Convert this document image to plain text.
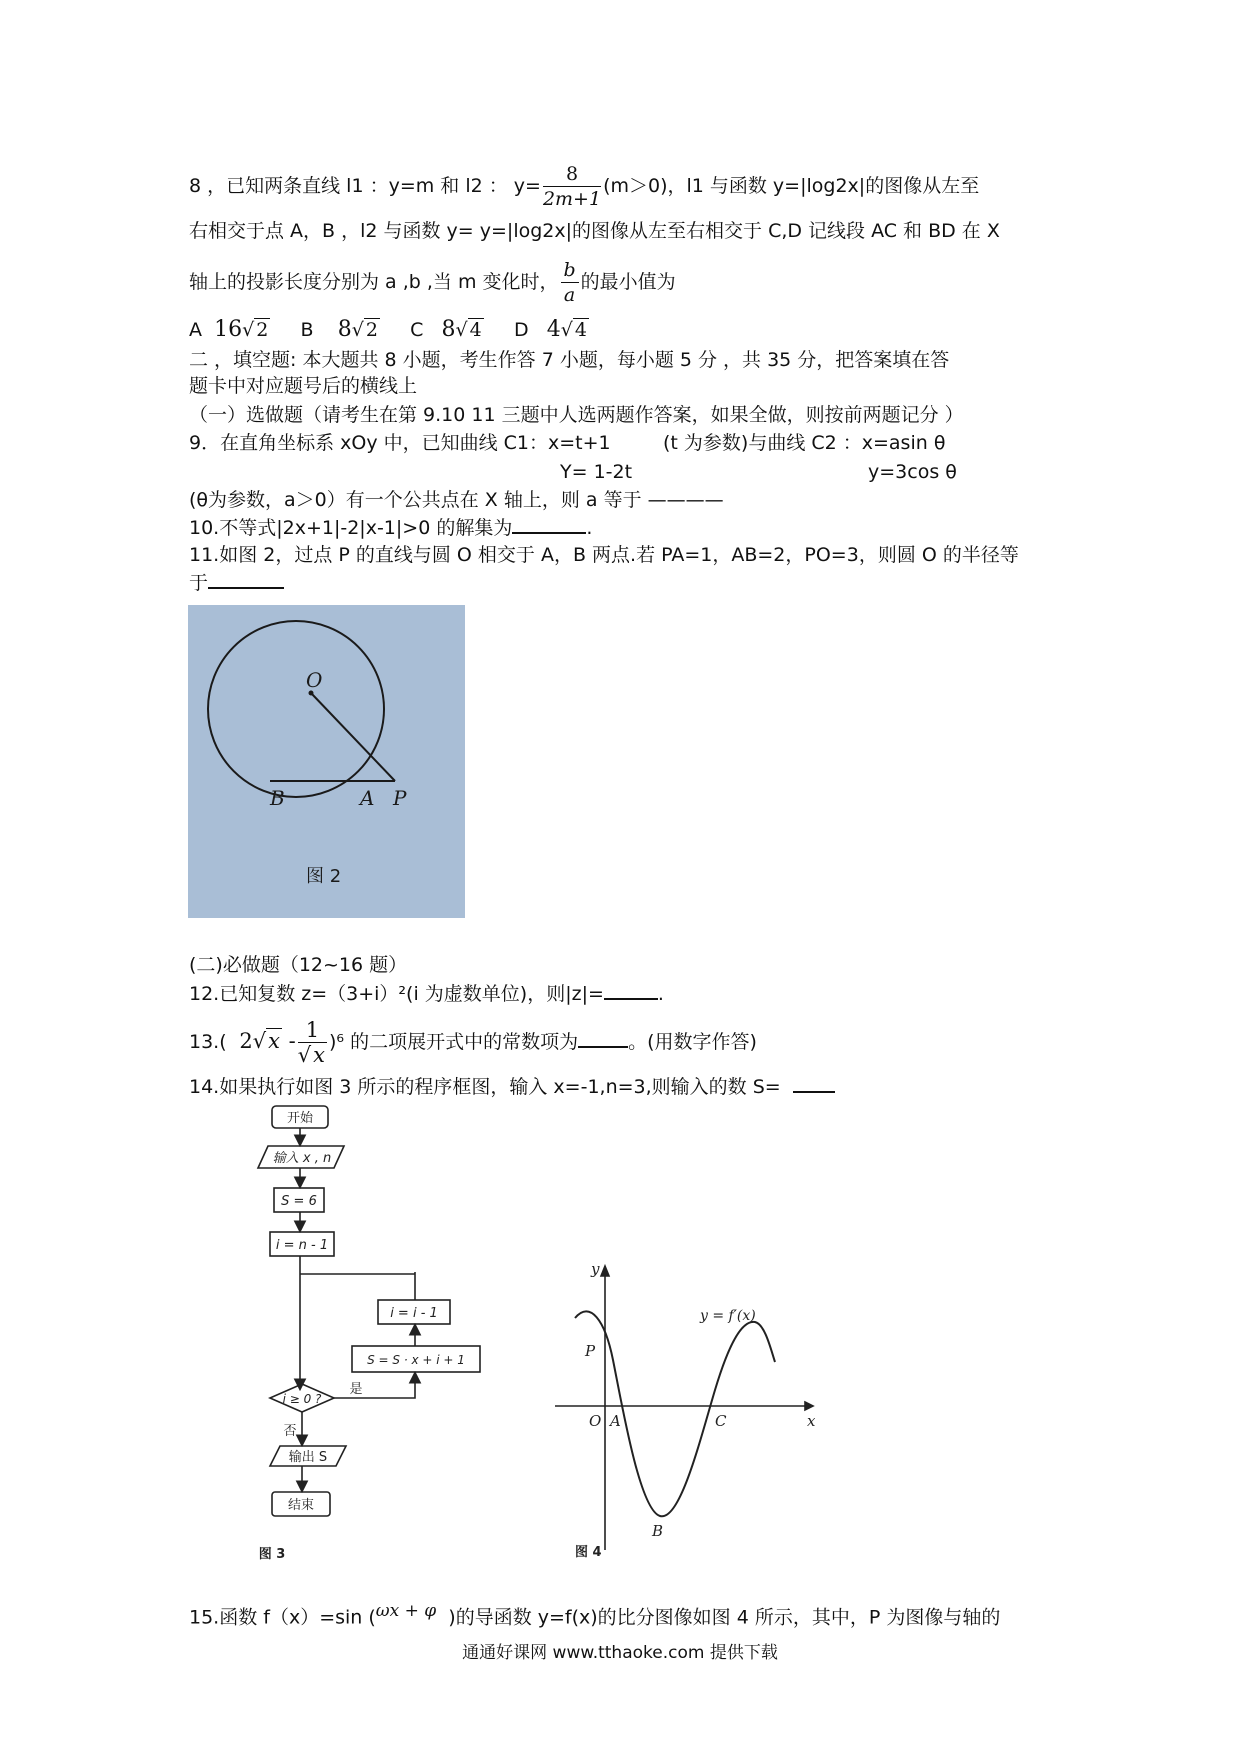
8 ，已知两条直线 l1 ：y=m 和 l2 ： $y= \frac{8}{2m+1} (m>0)$，l1 与函数 y=|log2x|的图像从左至
右相交于点 A，B ，l2 与函数 y= y=|log2x|的图像从左至右相交于 C,D 记线段 AC 和 BD 在 X
轴上的投影长度分别为 a ,b ,当 m 变化时， $\frac{b}{a}$ 的最小值为
A 16√ 2 B 8√ 2 C 8√ 4 D 4√ 4
二 ，填空题: 本大题共 8 小题，考生作答 7 小题，每小题 5 分 ，共 35 分，把答案填在答
题卡中对应题号后的横线上
（一）选做题（请考生在第 9.10 11 三题中人选两题作答案，如果全做，则按前两题记分 ）
9．在直角坐标系 xOy 中，已知曲线 C1：x=t+1	(t 为参数)与曲线 C2 ：x=asin θ
Y= 1-2t	y=3cos θ
(θ为参数，a＞0）有一个公共点在 X 轴上，则 a 等于 ————
10.不等式|2x+1|-2|x-1|>0 的解集为	.
11.如图 2，过点 P 的直线与圆 O 相交于 A，B 两点.若 PA=1，AB=2，PO=3，则圆 O 的半径等
于
O
B	A P
图 2
(二)必做题（12~16 题）
12.已知复数 z=（3+i）²(i 为虚数单位)，则|z|=	.
13.( $2√x - \frac{1}{√x} )^6$ 的二项展开式中的常数项为	。(用数字作答)
14.如果执行如图 3 所示的程序框图，输入 x=-1,n=3,则输入的数 S=
开始
输入 x , n
S = 6
i = n - 1
i = i - 1
S = S · x + i + 1
i ≥ 0 ?
是
否
输出 S
结束
图 3
y
x
y = f′(x)
P
O A	C
B
图 4
15.函数 f（x）=sin ($^{\omega x + \varphi}$ )的导函数 y=f(x)的比分图像如图 4 所示，其中，P 为图像与轴的
通通好课网 www.tthaoke.com 提供下载
